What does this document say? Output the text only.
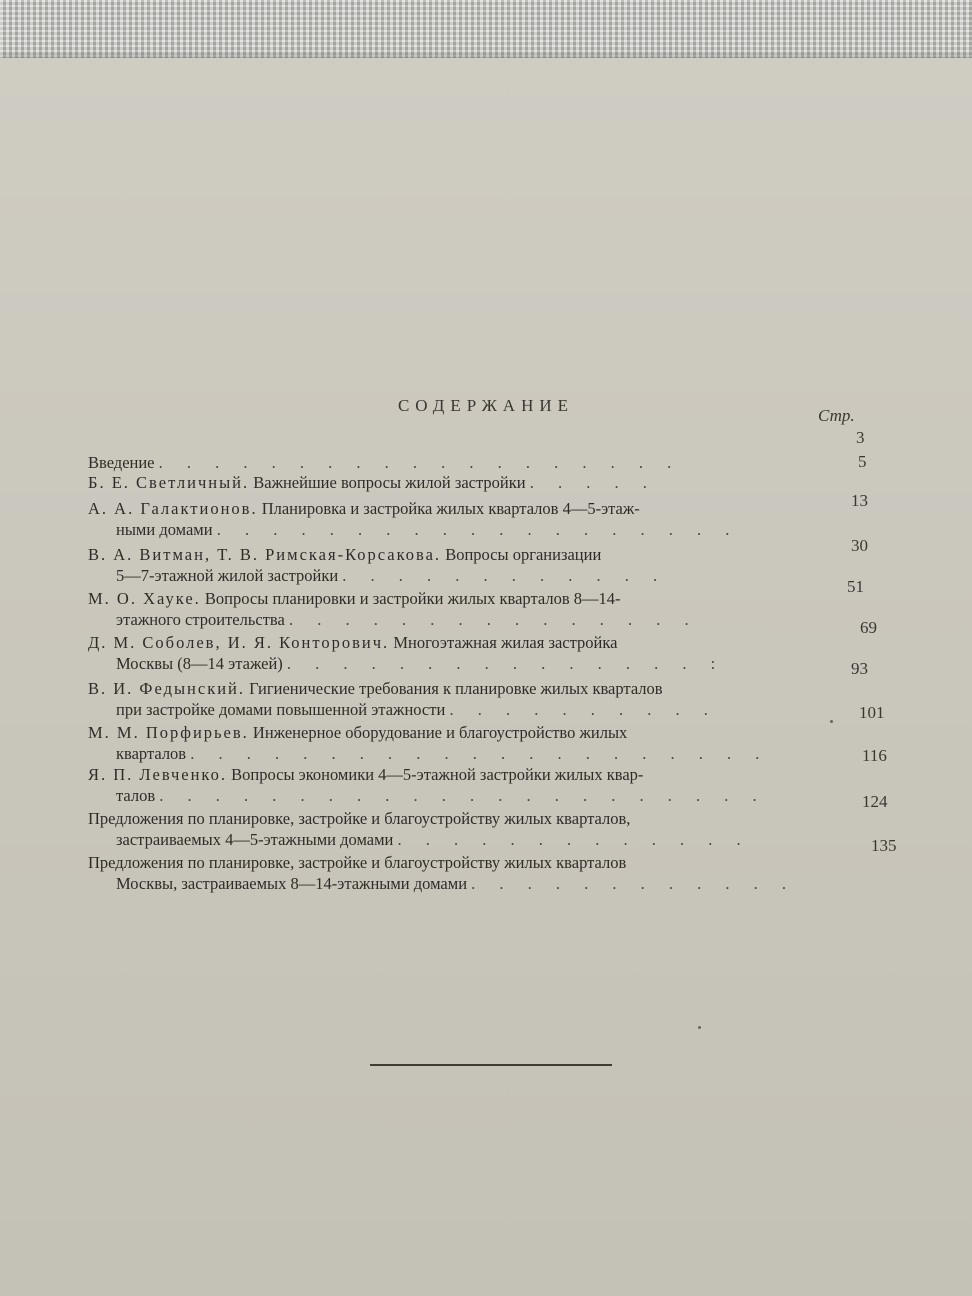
СОДЕРЖАНИЕ
Стр.
Введение . . . . . . . . . . . . . . . . . . .
3
Б. Е. Светличный. Важнейшие вопросы жилой застройки . . . . .
5
А. А. Галактионов. Планировка и застройка жилых кварталов 4—5-этаж-
ными домами . . . . . . . . . . . . . . . . . . .
13
В. А. Витман, Т. В. Римская-Корсакова. Вопросы организации
5—7-этажной жилой застройки . . . . . . . . . . . .
30
М. О. Хауке. Вопросы планировки и застройки жилых кварталов 8—14-
этажного строительства . . . . . . . . . . . . . . .
51
Д. М. Соболев, И. Я. Конторович. Многоэтажная жилая застройка
Москвы (8—14 этажей) . . . . . . . . . . . . . . . :
69
В. И. Федынский. Гигиенические требования к планировке жилых кварталов
при застройке домами повышенной этажности . . . . . . . . . .
93
М. М. Порфирьев. Инженерное оборудование и благоустройство жилых
кварталов . . . . . . . . . . . . . . . . . . . . .
101
Я. П. Левченко. Вопросы экономики 4—5-этажной застройки жилых квар-
талов . . . . . . . . . . . . . . . . . . . . . .
116
Предложения по планировке, застройке и благоустройству жилых кварталов,
застраиваемых 4—5-этажными домами . . . . . . . . . . . . .
124
Предложения по планировке, застройке и благоустройству жилых кварталов
Москвы, застраиваемых 8—14-этажными домами . . . . . . . . . . . .
135
